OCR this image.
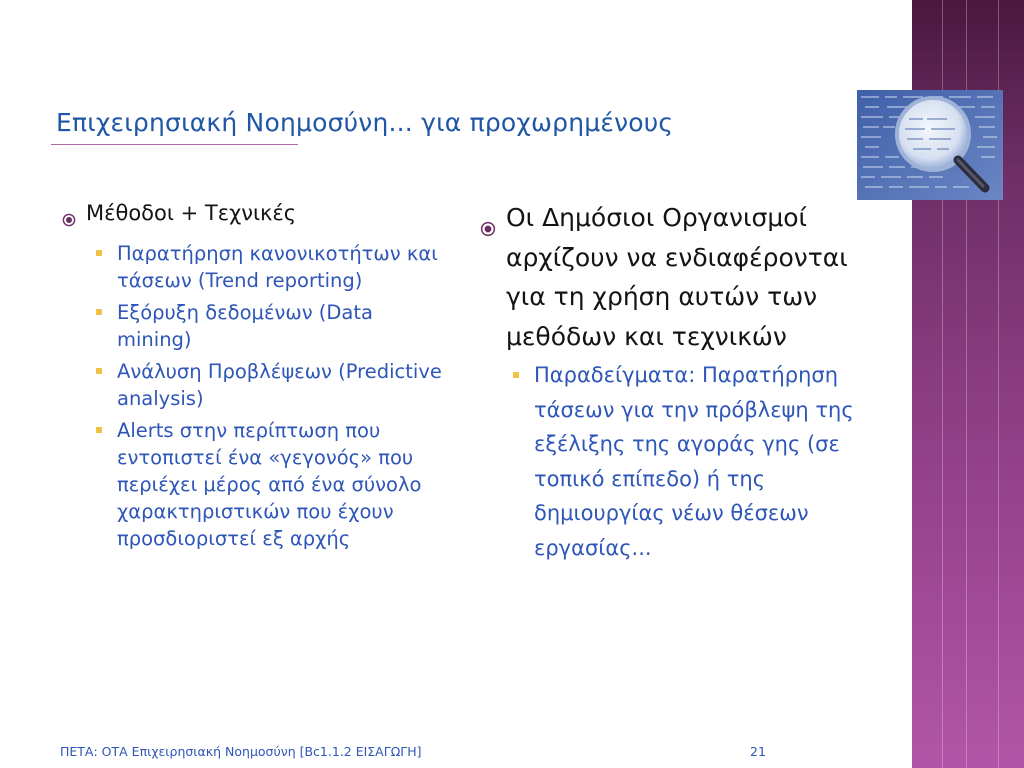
Επιχειρησιακή Νοημοσύνη... για προχωρημένους
Μέθοδοι + Τεχνικές
Παρατήρηση κανονικοτήτων και τάσεων (Trend reporting)
Εξόρυξη δεδομένων (Data mining)
Ανάλυση Προβλέψεων (Predictive analysis)
Alerts στην περίπτωση που εντοπιστεί ένα «γεγονός» που περιέχει μέρος από ένα σύνολο χαρακτηριστικών που έχουν προσδιοριστεί εξ αρχής
Οι Δημόσιοι Οργανισμοί αρχίζουν να ενδιαφέρονται για τη χρήση αυτών των μεθόδων και τεχνικών
Παραδείγματα: Παρατήρηση τάσεων για την πρόβλεψη της εξέλιξης της αγοράς γης (σε τοπικό επίπεδο) ή της δημιουργίας νέων θέσεων εργασίας...
ΠΕΤΑ: ΟΤΑ Επιχειρησιακή Νοημοσύνη [Bc1.1.2 ΕΙΣΑΓΩΓΗ]	21
